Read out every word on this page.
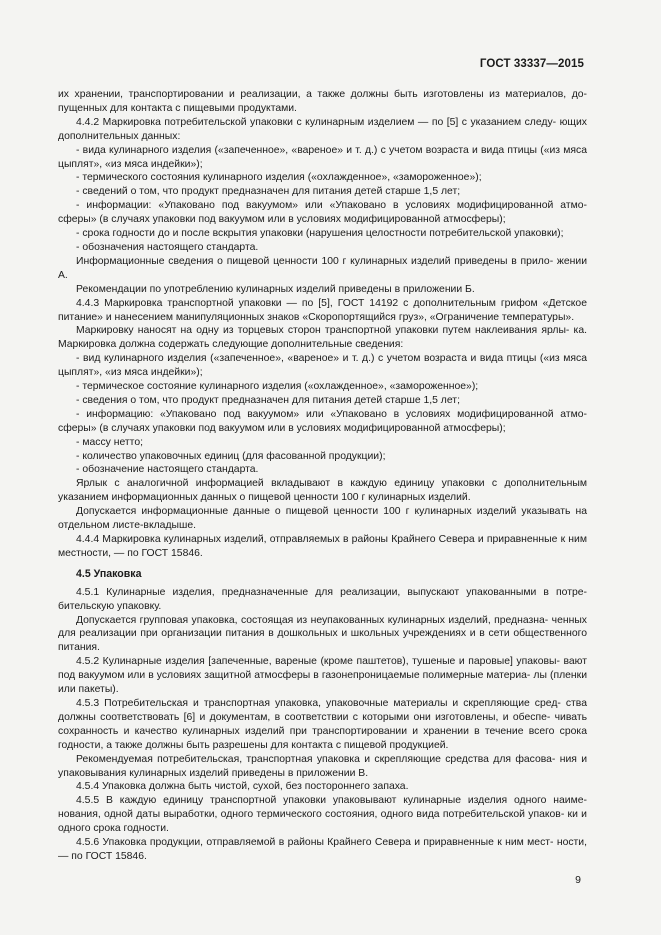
ГОСТ 33337—2015

их хранении, транспортировании и реализации, а также должны быть изготовлены из материалов, до- пущенных для контакта с пищевыми продуктами.

4.4.2 Маркировка потребительской упаковки с кулинарным изделием — по [5] с указанием следу- ющих дополнительных данных:

- вида кулинарного изделия («запеченное», «вареное» и т. д.) с учетом возраста и вида птицы («из мяса цыплят», «из мяса индейки»);

- термического состояния кулинарного изделия («охлажденное», «замороженное»);

- сведений о том, что продукт предназначен для питания детей старше 1,5 лет;

- информации: «Упаковано под вакуумом» или «Упаковано в условиях модифицированной атмо- сферы» (в случаях упаковки под вакуумом или в условиях модифицированной атмосферы);

- срока годности до и после вскрытия упаковки (нарушения целостности потребительской упаковки);

- обозначения настоящего стандарта.

Информационные сведения о пищевой ценности 100 г кулинарных изделий приведены в прило- жении А.

Рекомендации по употреблению кулинарных изделий приведены в приложении Б.

4.4.3 Маркировка транспортной упаковки — по [5], ГОСТ 14192 с дополнительным грифом «Детское питание» и нанесением манипуляционных знаков «Скоропортящийся груз», «Ограничение температуры».

Маркировку наносят на одну из торцевых сторон транспортной упаковки путем наклеивания ярлы- ка. Маркировка должна содержать следующие дополнительные сведения:

- вид кулинарного изделия («запеченное», «вареное» и т. д.) с учетом возраста и вида птицы («из мяса цыплят», «из мяса индейки»);

- термическое состояние кулинарного изделия («охлажденное», «замороженное»);

- сведения о том, что продукт предназначен для питания детей старше 1,5 лет;

- информацию: «Упаковано под вакуумом» или «Упаковано в условиях модифицированной атмо- сферы» (в случаях упаковки под вакуумом или в условиях модифицированной атмосферы);

- массу нетто;

- количество упаковочных единиц (для фасованной продукции);

- обозначение настоящего стандарта.

Ярлык с аналогичной информацией вкладывают в каждую единицу упаковки с дополнительным указанием информационных данных о пищевой ценности 100 г кулинарных изделий.

Допускается информационные данные о пищевой ценности 100 г кулинарных изделий указывать на отдельном листе-вкладыше.

4.4.4 Маркировка кулинарных изделий, отправляемых в районы Крайнего Севера и приравненные к ним местности, — по ГОСТ 15846.

4.5 Упаковка

4.5.1 Кулинарные изделия, предназначенные для реализации, выпускают упакованными в потре- бительскую упаковку.

Допускается групповая упаковка, состоящая из неупакованных кулинарных изделий, предназна- ченных для реализации при организации питания в дошкольных и школьных учреждениях и в сети общественного питания.

4.5.2 Кулинарные изделия [запеченные, вареные (кроме паштетов), тушеные и паровые] упаковы- вают под вакуумом или в условиях защитной атмосферы в газонепроницаемые полимерные материа- лы (пленки или пакеты).

4.5.3 Потребительская и транспортная упаковка, упаковочные материалы и скрепляющие сред- ства должны соответствовать [6] и документам, в соответствии с которыми они изготовлены, и обеспе- чивать сохранность и качество кулинарных изделий при транспортировании и хранении в течение всего срока годности, а также должны быть разрешены для контакта с пищевой продукцией.

Рекомендуемая потребительская, транспортная упаковка и скрепляющие средства для фасова- ния и упаковывания кулинарных изделий приведены в приложении В.

4.5.4 Упаковка должна быть чистой, сухой, без постороннего запаха.

4.5.5 В каждую единицу транспортной упаковки упаковывают кулинарные изделия одного наиме- нования, одной даты выработки, одного термического состояния, одного вида потребительской упаков- ки и одного срока годности.

4.5.6 Упаковка продукции, отправляемой в районы Крайнего Севера и приравненные к ним мест- ности, — по ГОСТ 15846.

9
